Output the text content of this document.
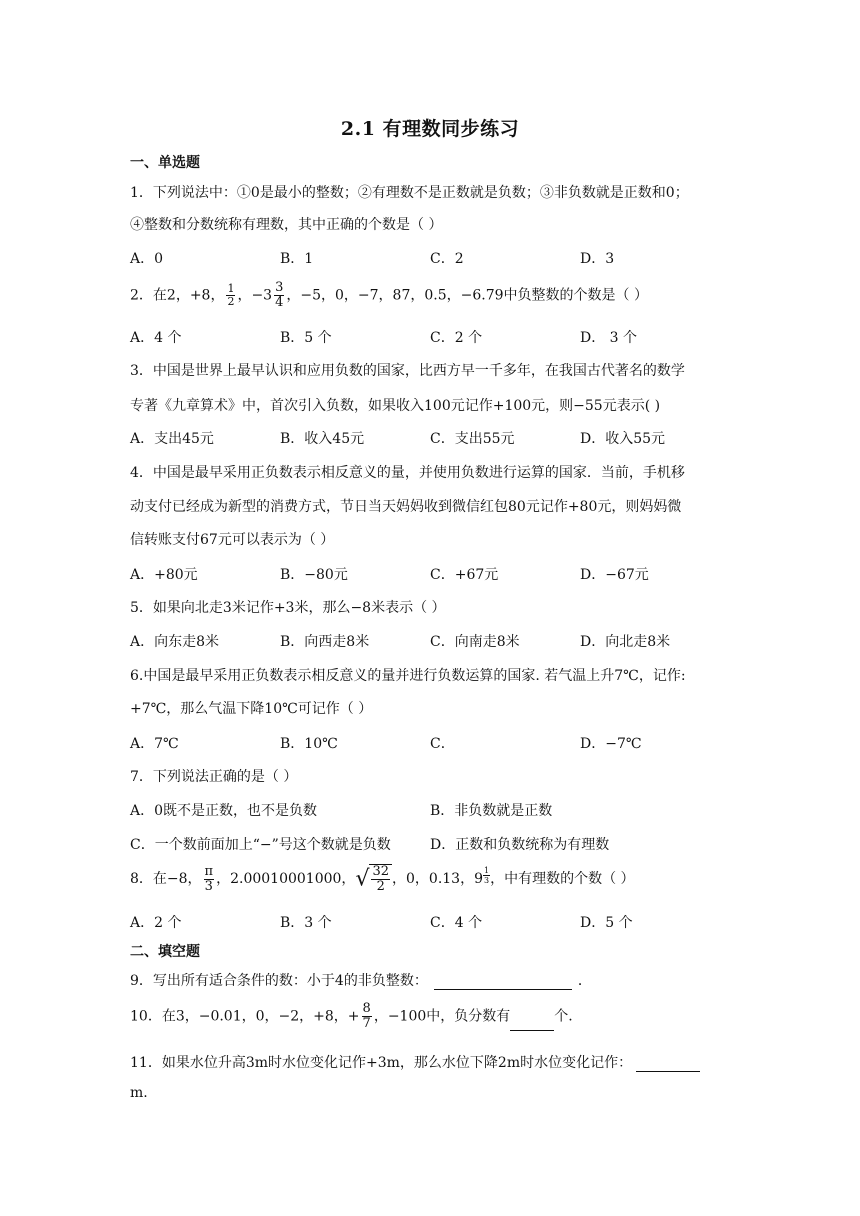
2.1 有理数同步练习
一、单选题
1．下列说法中：①0是最小的整数；②有理数不是正数就是负数；③非负数就是正数和0；
④整数和分数统称有理数，其中正确的个数是（ ）
A．0	B．1	C．2	D．3
2．在2，+8， $\frac{1}{2}$ ，$-3 \frac{3}{4}$ ，−5，0，−7，87，0.5，−6.79中负整数的个数是（ ）
A．4 个	B．5 个	C．2 个	D． 3 个
3．中国是世界上最早认识和应用负数的国家，比西方早一千多年，在我国古代著名的数学
专著《九章算术》中，首次引入负数，如果收入100元记作+100元，则−55元表示( )
A．支出45元	B．收入45元	C．支出55元	D．收入55元
4．中国是最早采用正负数表示相反意义的量，并使用负数进行运算的国家．当前，手机移
动支付已经成为新型的消费方式，节日当天妈妈收到微信红包80元记作+80元，则妈妈微
信转账支付67元可以表示为（ ）
A．+80元	B．−80元	C．+67元	D．−67元
5．如果向北走3米记作+3米，那么−8米表示（ ）
A．向东走8米	B．向西走8米	C．向南走8米	D．向北走8米
6.中国是最早采用正负数表示相反意义的量并进行负数运算的国家. 若气温上升7℃，记作:
+7℃，那么气温下降10℃可记作（ ）
A．7℃	B．10℃	C．	D．−7℃
7．下列说法正确的是（ ）
A．0既不是正数，也不是负数	B．非负数就是正数
C．一个数前面加上“−”号这个数就是负数	D．正数和负数统称为有理数
8．在−8， $\frac{\pi}{3}$ ，2.00010001000，√ $\frac{32}{2}$ ，0，0.13，9 $^{\frac{1}{3}}$ ，中有理数的个数（ ）
A．2 个	B．3 个	C．4 个	D．5 个
二、填空题
9．写出所有适合条件的数：小于4的非负整数：	．
10．在3，−0.01，0，−2，+8，+ $\frac{8}{7}$ ，−100中，负分数有	个.
11．如果水位升高3m时水位变化记作+3m，那么水位下降2m时水位变化记作：
m.
